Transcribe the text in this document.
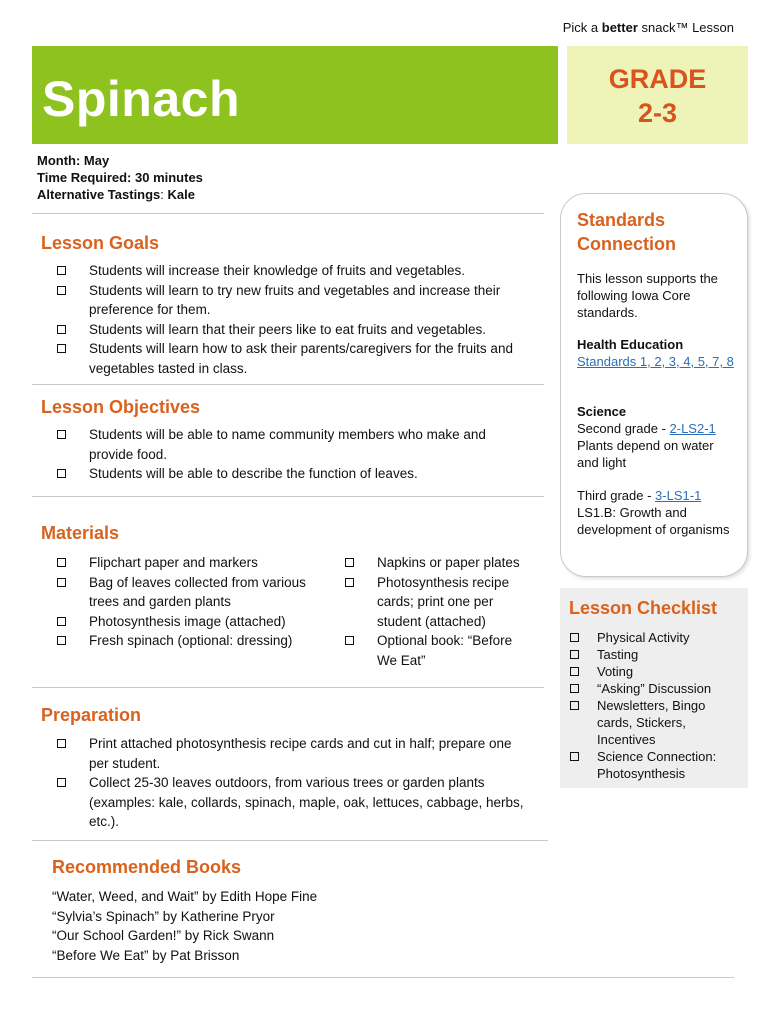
Pick a better snack™ Lesson
Spinach	GRADE
2-3
Month: May
Time Required: 30 minutes
Alternative Tastings: Kale
Lesson Goals
Students will increase their knowledge of fruits and vegetables.
Students will learn to try new fruits and vegetables and increase their preference for them.
Students will learn that their peers like to eat fruits and vegetables.
Students will learn how to ask their parents/caregivers for the fruits and vegetables tasted in class.
Lesson Objectives
Students will be able to name community members who make and provide food.
Students will be able to describe the function of leaves.
Materials
Flipchart paper and markers
Bag of leaves collected from various trees and garden plants
Photosynthesis image (attached)
Fresh spinach (optional: dressing)
Napkins or paper plates
Photosynthesis recipe cards; print one per student (attached)
Optional book: “Before We Eat”
Preparation
Print attached photosynthesis recipe cards and cut in half; prepare one per student.
Collect 25-30 leaves outdoors, from various trees or garden plants (examples: kale, collards, spinach, maple, oak, lettuces, cabbage, herbs, etc.).
Recommended Books
“Water, Weed, and Wait” by Edith Hope Fine
“Sylvia’s Spinach” by Katherine Pryor
“Our School Garden!” by Rick Swann
“Before We Eat” by Pat Brisson
Standards
Connection
This lesson supports the following Iowa Core standards.
Health Education
Standards 1, 2, 3, 4, 5, 7, 8
Science
Second grade - 2-LS2-1
Plants depend on water and light
Third grade - 3-LS1-1
LS1.B: Growth and development of organisms
Lesson Checklist
Physical Activity
Tasting
Voting
“Asking” Discussion
Newsletters, Bingo cards, Stickers, Incentives
Science Connection: Photosynthesis
